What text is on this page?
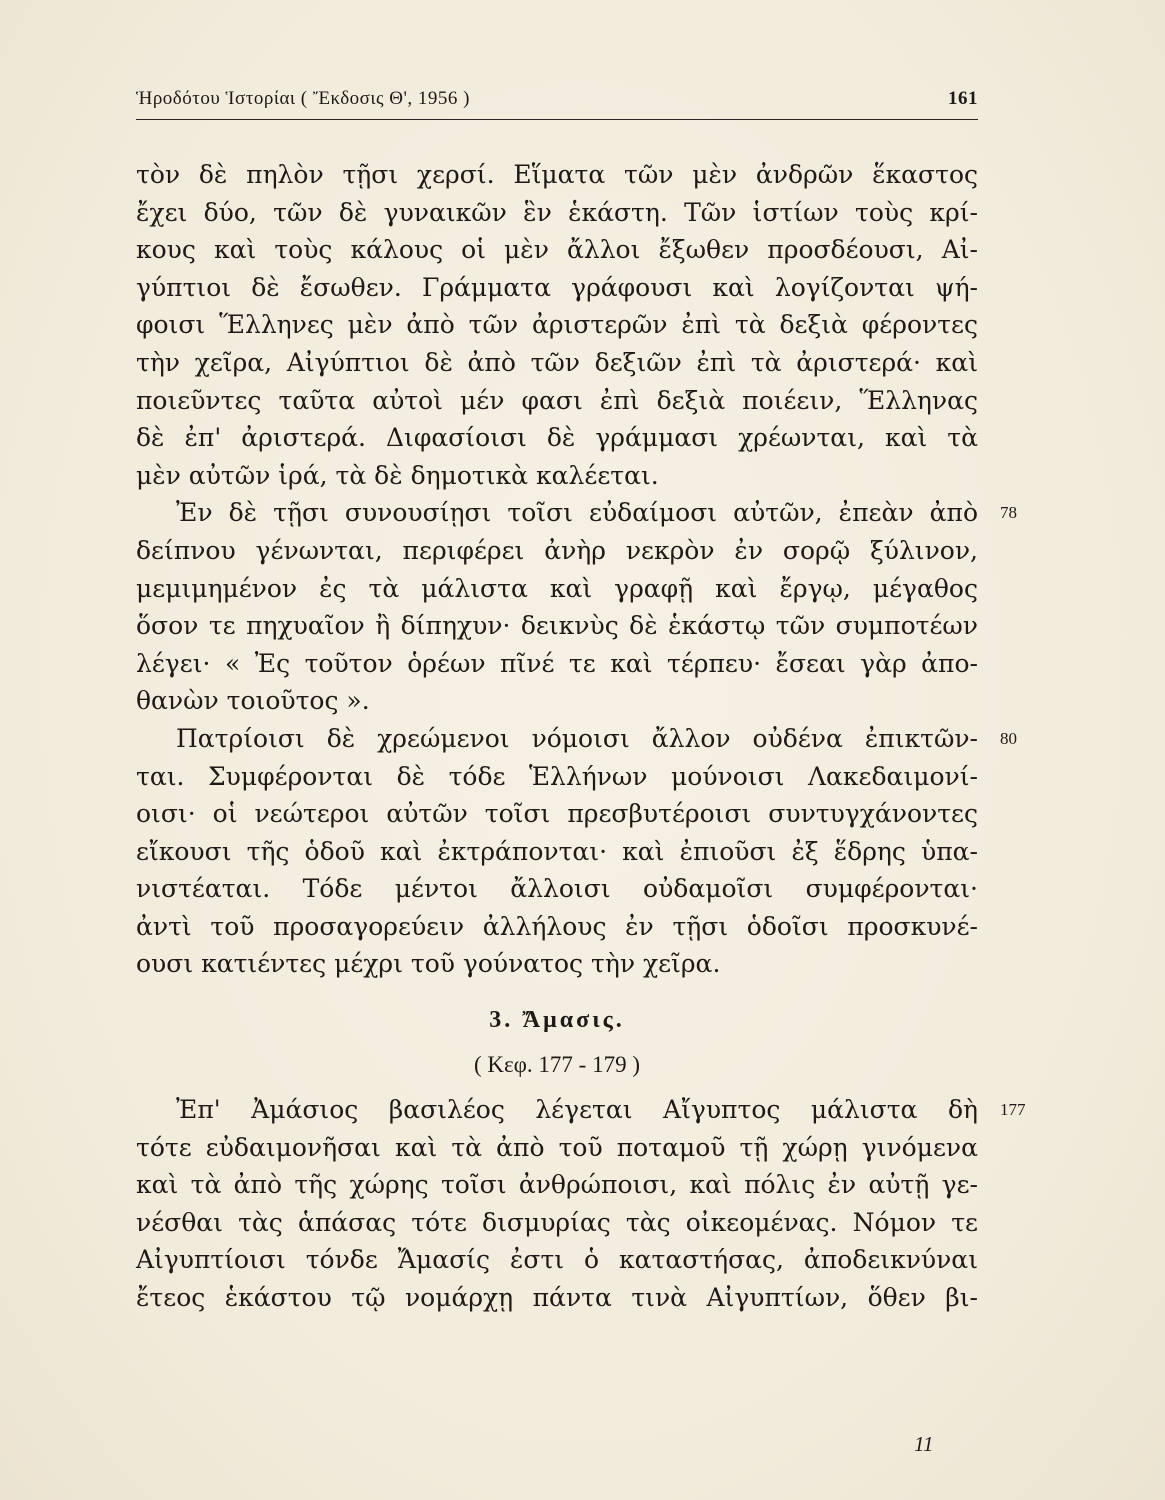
Ἡροδότου Ἱστορίαι ( Ἔκδοσις Θ', 1956 )	161
τὸν δὲ πηλὸν τῇσι χερσί. Εἵματα τῶν μὲν ἀνδρῶν ἕκαστος
ἔχει δύο, τῶν δὲ γυναικῶν ἓν ἑκάστη. Τῶν ἱστίων τοὺς κρί-
κους καὶ τοὺς κάλους οἱ μὲν ἄλλοι ἔξωθεν προσδέουσι, Αἰ-
γύπτιοι δὲ ἔσωθεν. Γράμματα γράφουσι καὶ λογίζονται ψή-
φοισι Ἕλληνες μὲν ἀπὸ τῶν ἀριστερῶν ἐπὶ τὰ δεξιὰ φέροντες
τὴν χεῖρα, Αἰγύπτιοι δὲ ἀπὸ τῶν δεξιῶν ἐπὶ τὰ ἀριστερά· καὶ
ποιεῦντες ταῦτα αὐτοὶ μέν φασι ἐπὶ δεξιὰ ποιέειν, Ἕλληνας
δὲ ἐπ' ἀριστερά. Διφασίοισι δὲ γράμμασι χρέωνται, καὶ τὰ
μὲν αὐτῶν ἱρά, τὰ δὲ δημοτικὰ καλέεται.
Ἐν δὲ τῇσι συνουσίῃσι τοῖσι εὐδαίμοσι αὐτῶν, ἐπεὰν ἀπὸ 78
δείπνου γένωνται, περιφέρει ἀνὴρ νεκρὸν ἐν σορῷ ξύλινον,
μεμιμημένον ἐς τὰ μάλιστα καὶ γραφῇ καὶ ἔργῳ, μέγαθος
ὅσον τε πηχυαῖον ἢ δίπηχυν· δεικνὺς δὲ ἑκάστῳ τῶν συμποτέων
λέγει· « Ἐς τοῦτον ὁρέων πῖνέ τε καὶ τέρπευ· ἔσεαι γὰρ ἀπο-
θανὼν τοιοῦτος ».
Πατρίοισι δὲ χρεώμενοι νόμοισι ἄλλον οὐδένα ἐπικτῶν- 80
ται. Συμφέρονται δὲ τόδε Ἑλλήνων μούνοισι Λακεδαιμονί-
οισι· οἱ νεώτεροι αὐτῶν τοῖσι πρεσβυτέροισι συντυγχάνοντες
εἴκουσι τῆς ὁδοῦ καὶ ἐκτράπονται· καὶ ἐπιοῦσι ἐξ ἕδρης ὑπα-
νιστέαται. Τόδε μέντοι ἄλλοισι οὐδαμοῖσι συμφέρονται·
ἀντὶ τοῦ προσαγορεύειν ἀλλήλους ἐν τῇσι ὁδοῖσι προσκυνέ-
ουσι κατιέντες μέχρι τοῦ γούνατος τὴν χεῖρα.
3. Ἄμασις.
( Κεφ. 177 - 179 )
Ἐπ' Ἀμάσιος βασιλέος λέγεται Αἴγυπτος μάλιστα δὴ 177
τότε εὐδαιμονῆσαι καὶ τὰ ἀπὸ τοῦ ποταμοῦ τῇ χώρῃ γινόμενα
καὶ τὰ ἀπὸ τῆς χώρης τοῖσι ἀνθρώποισι, καὶ πόλις ἐν αὐτῇ γε-
νέσθαι τὰς ἁπάσας τότε δισμυρίας τὰς οἰκεομένας. Νόμον τε
Αἰγυπτίοισι τόνδε Ἄμασίς ἐστι ὁ καταστήσας, ἀποδεικνύναι
ἔτεος ἑκάστου τῷ νομάρχῃ πάντα τινὰ Αἰγυπτίων, ὅθεν βι-
11
